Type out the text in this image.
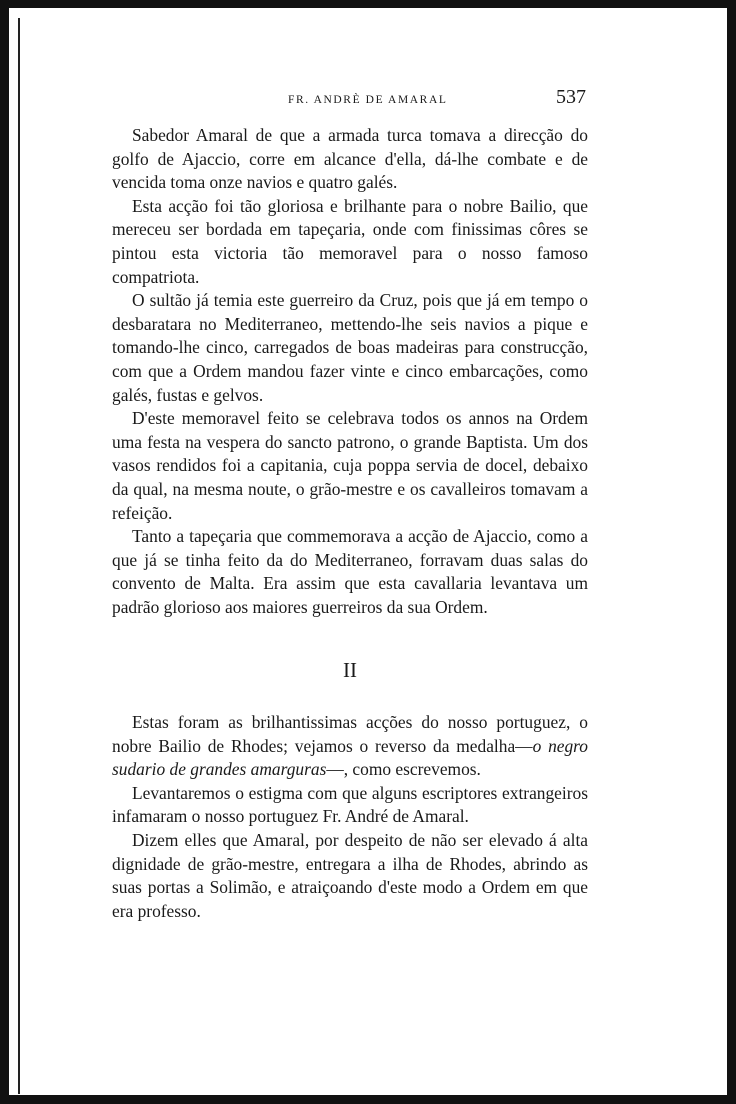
FR. ANDRÈ DE AMARAL	537

Sabedor Amaral de que a armada turca tomava a direcção do golfo de Ajaccio, corre em alcance d'ella, dá-lhe combate e de vencida toma onze navios e quatro galés.

Esta acção foi tão gloriosa e brilhante para o nobre Bailio, que mereceu ser bordada em tapeçaria, onde com finissimas côres se pintou esta victoria tão memoravel para o nosso famoso compatriota.

O sultão já temia este guerreiro da Cruz, pois que já em tempo o desbaratara no Mediterraneo, mettendo-lhe seis navios a pique e tomando-lhe cinco, carregados de boas madeiras para construcção, com que a Ordem mandou fazer vinte e cinco embarcações, como galés, fustas e gelvos.

D'este memoravel feito se celebrava todos os annos na Ordem uma festa na vespera do sancto patrono, o grande Baptista. Um dos vasos rendidos foi a capitania, cuja poppa servia de docel, debaixo da qual, na mesma noute, o grão-mestre e os cavalleiros tomavam a refeição.

Tanto a tapeçaria que commemorava a acção de Ajaccio, como a que já se tinha feito da do Mediterraneo, forravam duas salas do convento de Malta. Era assim que esta cavallaria levantava um padrão glorioso aos maiores guerreiros da sua Ordem.

II

Estas foram as brilhantissimas acções do nosso portuguez, o nobre Bailio de Rhodes; vejamos o reverso da medalha—o negro sudario de grandes amarguras—, como escrevemos.

Levantaremos o estigma com que alguns escriptores extrangeiros infamaram o nosso portuguez Fr. André de Amaral.

Dizem elles que Amaral, por despeito de não ser elevado á alta dignidade de grão-mestre, entregara a ilha de Rhodes, abrindo as suas portas a Solimão, e atraiçoando d'este modo a Ordem em que era professo.
